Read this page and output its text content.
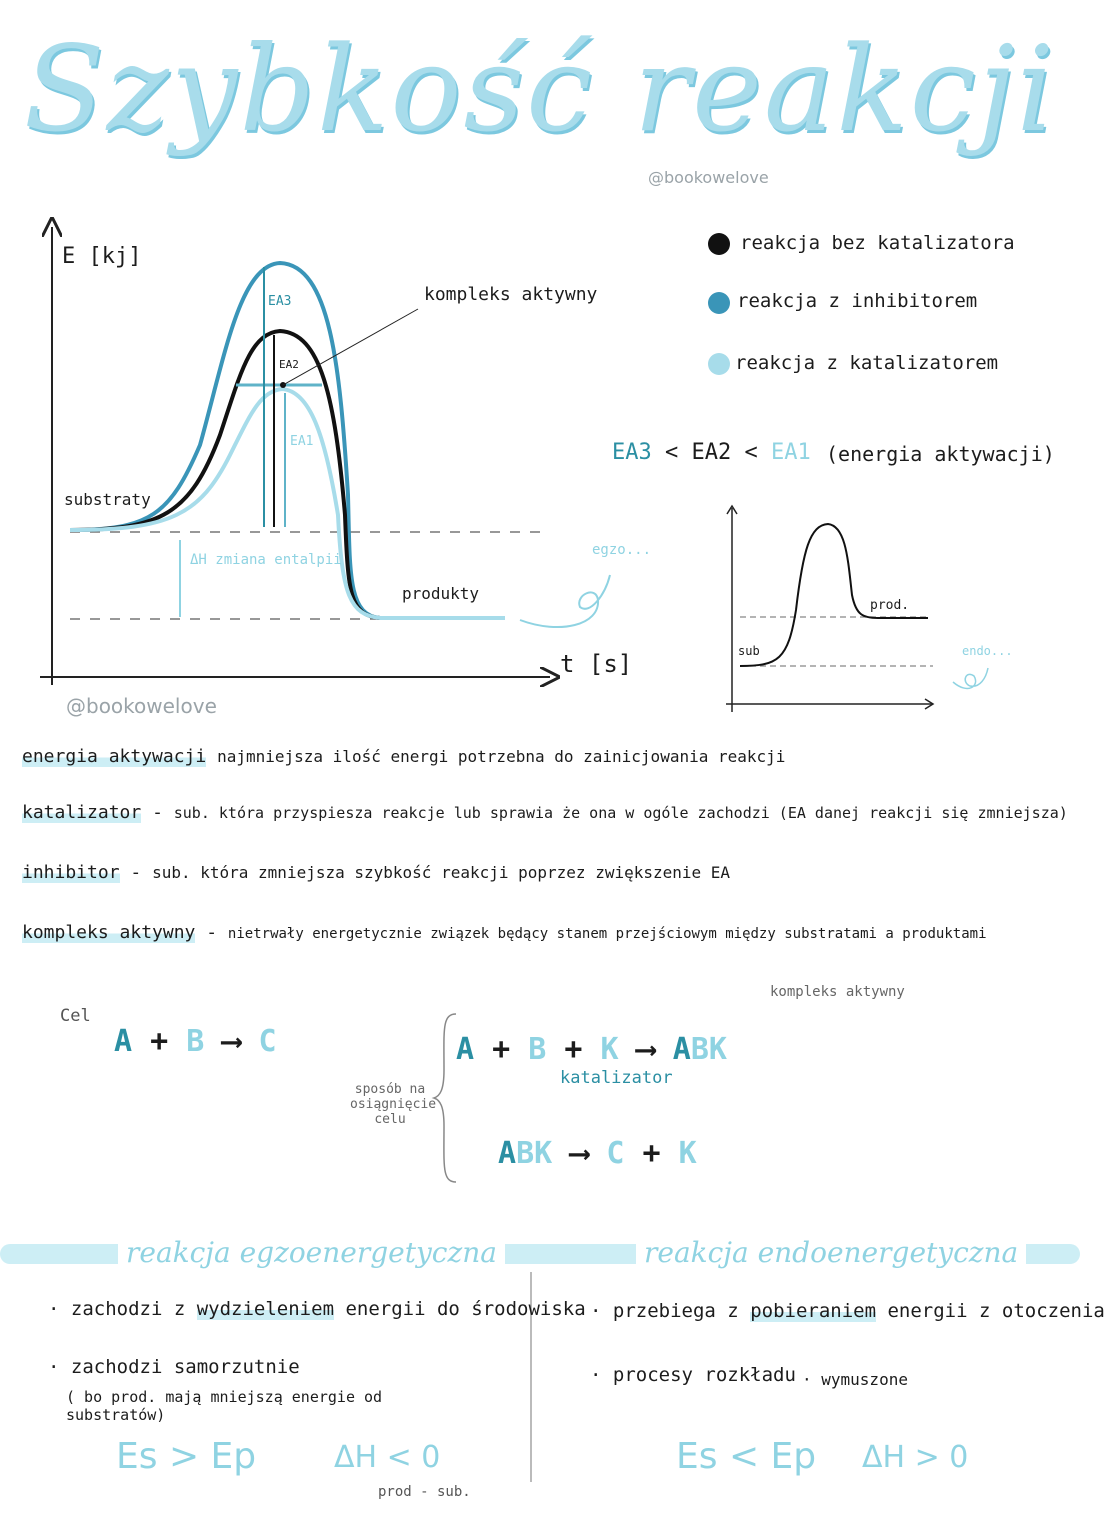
Szybkość reakcji
@bookowelove
E [kj]
t [s]
substraty
produkty
kompleks aktywny
EA3
EA2
EA1
ΔH zmiana entalpii
egzo...
@bookowelove
reakcja bez katalizatora
reakcja z inhibitorem
reakcja z katalizatorem
EA3 < EA2 < EA1 (energia aktywacji)
sub
prod.
endo...
energia aktywacji najmniejsza ilość energi potrzebna do zainicjowania reakcji
katalizator - sub. która przyspiesza reakcje lub sprawia że ona w ogóle zachodzi (EA danej reakcji się zmniejsza)
inhibitor - sub. która zmniejsza szybkość reakcji poprzez zwiększenie EA
kompleks aktywny - nietrwały energetycznie związek będący stanem przejściowym między substratami a produktami
Cel
A + B ⟶ C
sposób na osiągnięcie celu
A + B + K ⟶ ABK
katalizator
kompleks aktywny
ABK ⟶ C + K
reakcja egzoenergetyczna	reakcja endoenergetyczna
· zachodzi z wydzieleniem energii do środowiska
· zachodzi samorzutnie
( bo prod. mają mniejszą energie od substratów)
Es > Ep	ΔH < 0
prod - sub.
· przebiega z pobieraniem energii z otoczenia
· procesy rozkładu · wymuszone
Es < Ep ΔH > 0
